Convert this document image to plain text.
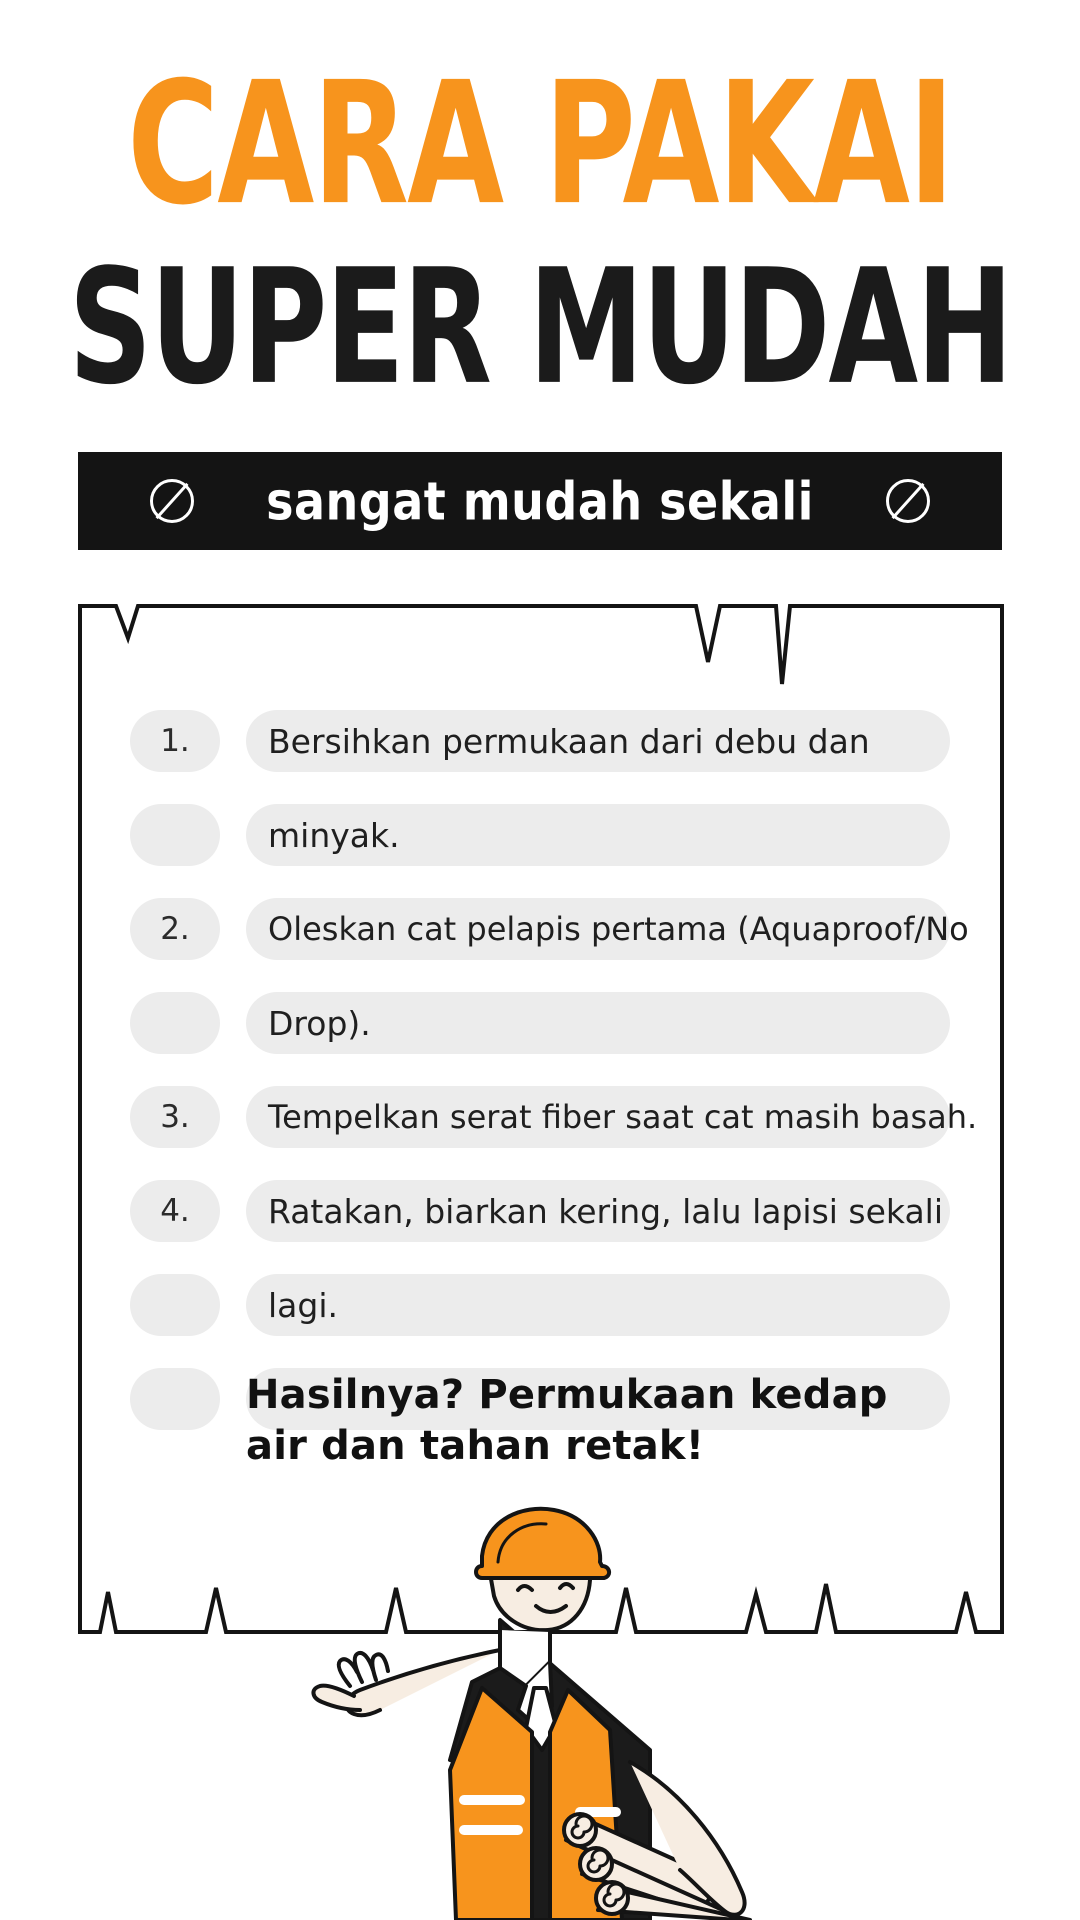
CARA PAKAI
SUPER MUDAH
sangat mudah sekali
1.	Bersihkan permukaan dari debu dan
minyak.
2.	Oleskan cat pelapis pertama (Aquaproof/No
Drop).
3.	Tempelkan serat fiber saat cat masih basah.
4.	Ratakan, biarkan kering, lalu lapisi sekali
lagi.
Hasilnya? Permukaan kedap
air dan tahan retak!
